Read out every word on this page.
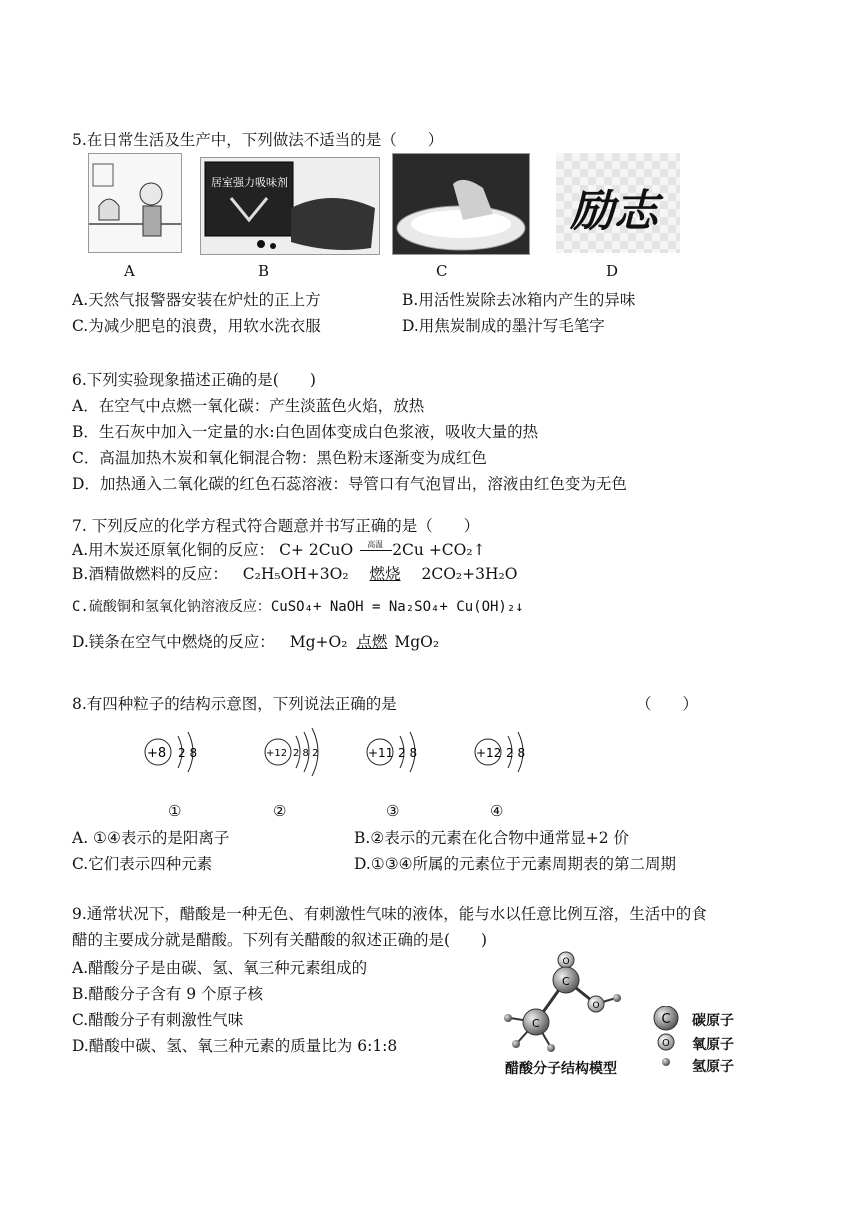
5.在日常生活及生产中，下列做法不适当的是（　　）
居室强力吸味剂
励志
A	B	C	D
A.天然气报警器安装在炉灶的正上方	B.用活性炭除去冰箱内产生的异味
C.为减少肥皂的浪费，用软水洗衣服	D.用焦炭制成的墨汁写毛笔字
6.下列实验现象描述正确的是(　　)
A．在空气中点燃一氧化碳：产生淡蓝色火焰，放热
B．生石灰中加入一定量的水:白色固体变成白色浆液，吸收大量的热
C．高温加热木炭和氧化铜混合物：黑色粉末逐渐变为成红色
D．加热通入二氧化碳的红色石蕊溶液：导管口有气泡冒出，溶液由红色变为无色
7. 下列反应的化学方程式符合题意并书写正确的是（　　）
A.用木炭还原氧化铜的反应： C+ 2CuO $^{高温}$ 2Cu +CO₂↑
B.酒精做燃料的反应： C₂H₅OH+3O₂ 燃烧 2CO₂+3H₂O
C.硫酸铜和氢氧化钠溶液反应：CuSO₄+ NaOH = Na₂SO₄+ Cu(OH)₂↓
D.镁条在空气中燃烧的反应： Mg+O₂ 点燃 MgO₂
8.有四种粒子的结构示意图，下列说法正确的是	（　　）
+8 2 8	+12 2 8 2	+11 2 8	+12 2 8
①	②	③	④
A. ①④表示的是阳离子	B.②表示的元素在化合物中通常显+2 价
C.它们表示四种元素	D.①③④所属的元素位于元素周期表的第二周期
9.通常状况下，醋酸是一种无色、有刺激性气味的液体，能与水以任意比例互溶，生活中的食
醋的主要成分就是醋酸。下列有关醋酸的叙述正确的是(　　)
A.醋酸分子是由碳、氢、氧三种元素组成的
B.醋酸分子含有 9 个原子核
C.醋酸分子有刺激性气味
D.醋酸中碳、氢、氧三种元素的质量比为 6:1:8
O
C
O
C
醋酸分子结构模型
C
O
碳原子
氧原子
氢原子
